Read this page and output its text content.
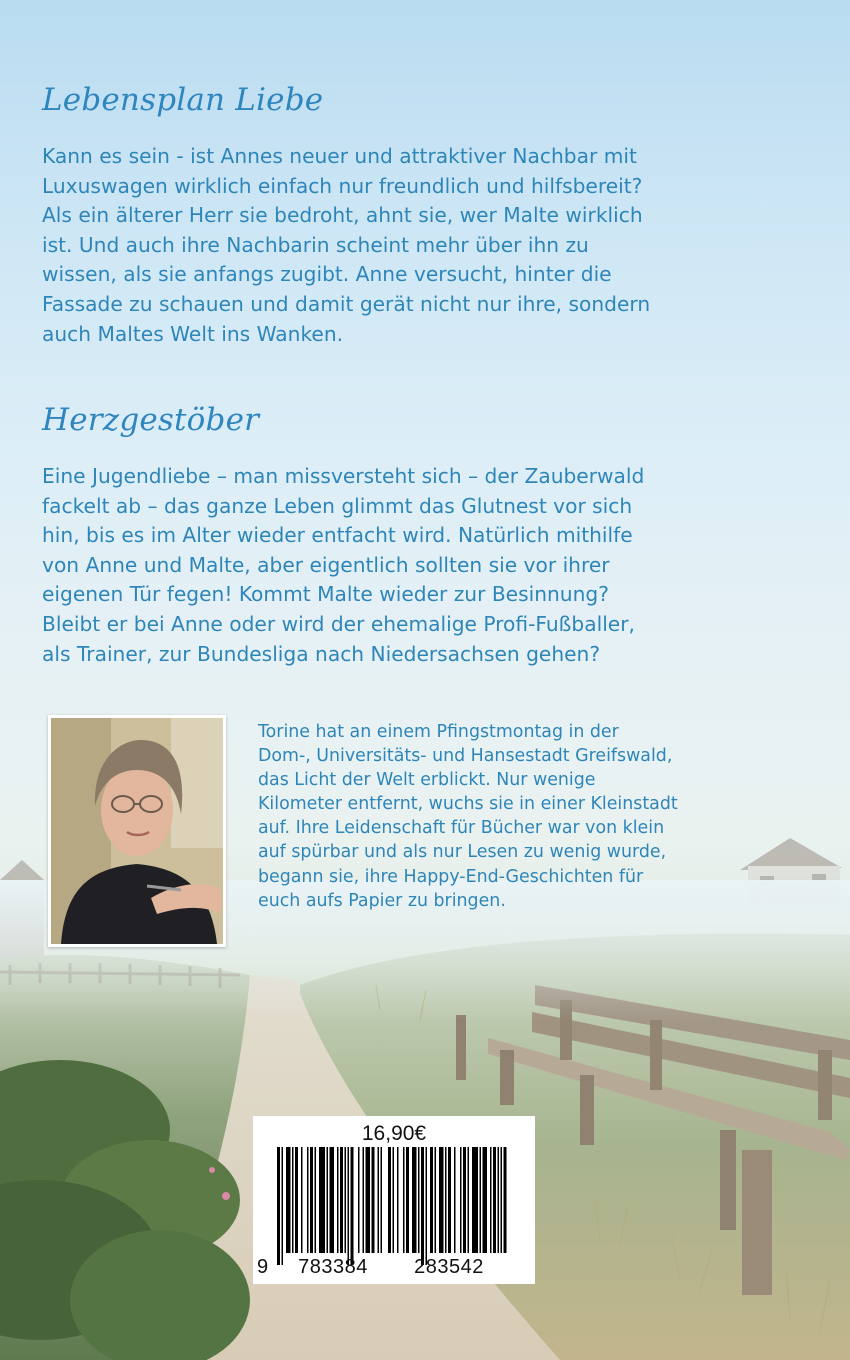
Lebensplan Liebe
Kann es sein - ist Annes neuer und attraktiver Nachbar mit
Luxuswagen wirklich einfach nur freundlich und hilfsbereit?
Als ein älterer Herr sie bedroht, ahnt sie, wer Malte wirklich
ist. Und auch ihre Nachbarin scheint mehr über ihn zu
wissen, als sie anfangs zugibt. Anne versucht, hinter die
Fassade zu schauen und damit gerät nicht nur ihre, sondern
auch Maltes Welt ins Wanken.
Herzgestöber
Eine Jugendliebe – man missversteht sich – der Zauberwald
fackelt ab – das ganze Leben glimmt das Glutnest vor sich
hin, bis es im Alter wieder entfacht wird. Natürlich mithilfe
von Anne und Malte, aber eigentlich sollten sie vor ihrer
eigenen Tür fegen! Kommt Malte wieder zur Besinnung?
Bleibt er bei Anne oder wird der ehemalige Profi-Fußballer,
als Trainer, zur Bundesliga nach Niedersachsen gehen?
Torine hat an einem Pfingstmontag in der
Dom-, Universitäts- und Hansestadt Greifswald,
das Licht der Welt erblickt. Nur wenige
Kilometer entfernt, wuchs sie in einer Kleinstadt
auf. Ihre Leidenschaft für Bücher war von klein
auf spürbar und als nur Lesen zu wenig wurde,
begann sie, ihre Happy-End-Geschichten für
euch aufs Papier zu bringen.
16,90€
9	783384	283542
